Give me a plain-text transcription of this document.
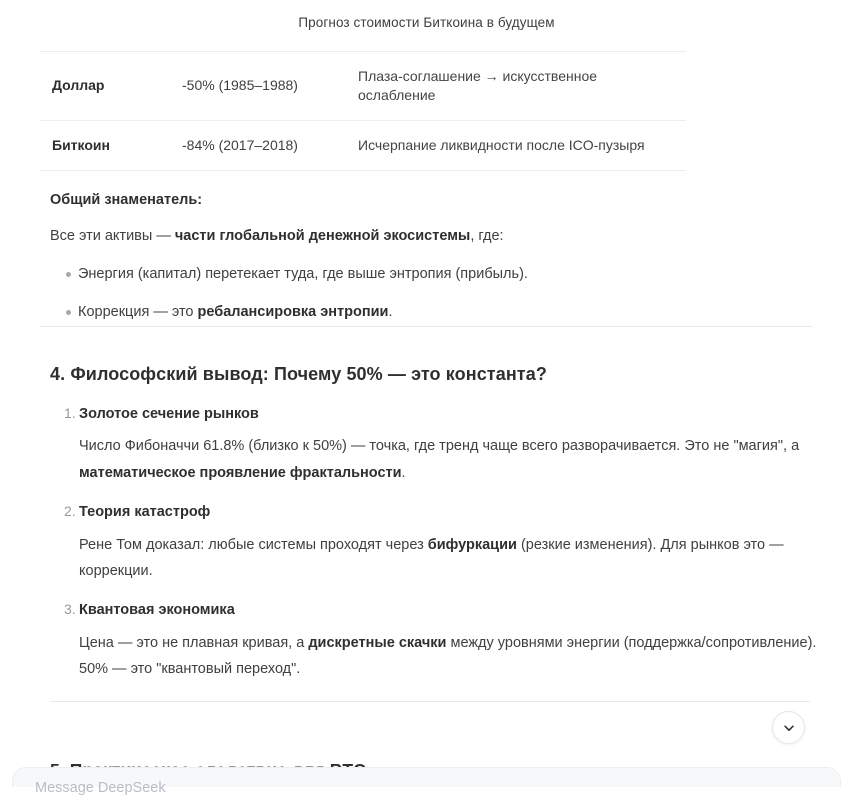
Прогноз стоимости Биткоина в будущем
Доллар	-50% (1985–1988)	Плаза-соглашение → искусственное ослабление
Биткоин	-84% (2017–2018)	Исчерпание ликвидности после ICO-пузыря

Общий знаменатель:

Все эти активы — части глобальной денежной экосистемы, где:

Энергия (капитал) перетекает туда, где выше энтропия (прибыль).
Коррекция — это ребалансировка энтропии.
4. Философский вывод: Почему 50% — это константа?
1. Золотое сечение рынков
Число Фибоначчи 61.8% (близко к 50%) — точка, где тренд чаще всего разворачивается. Это не "магия", а математическое проявление фрактальности.
2. Теория катастроф
Рене Том доказал: любые системы проходят через бифуркации (резкие изменения). Для рынков это — коррекции.
3. Квантовая экономика
Цена — это не плавная кривая, а дискретные скачки между уровнями энергии (поддержка/сопротивление). 50% — это "квантовый переход".
Message DeepSeek
